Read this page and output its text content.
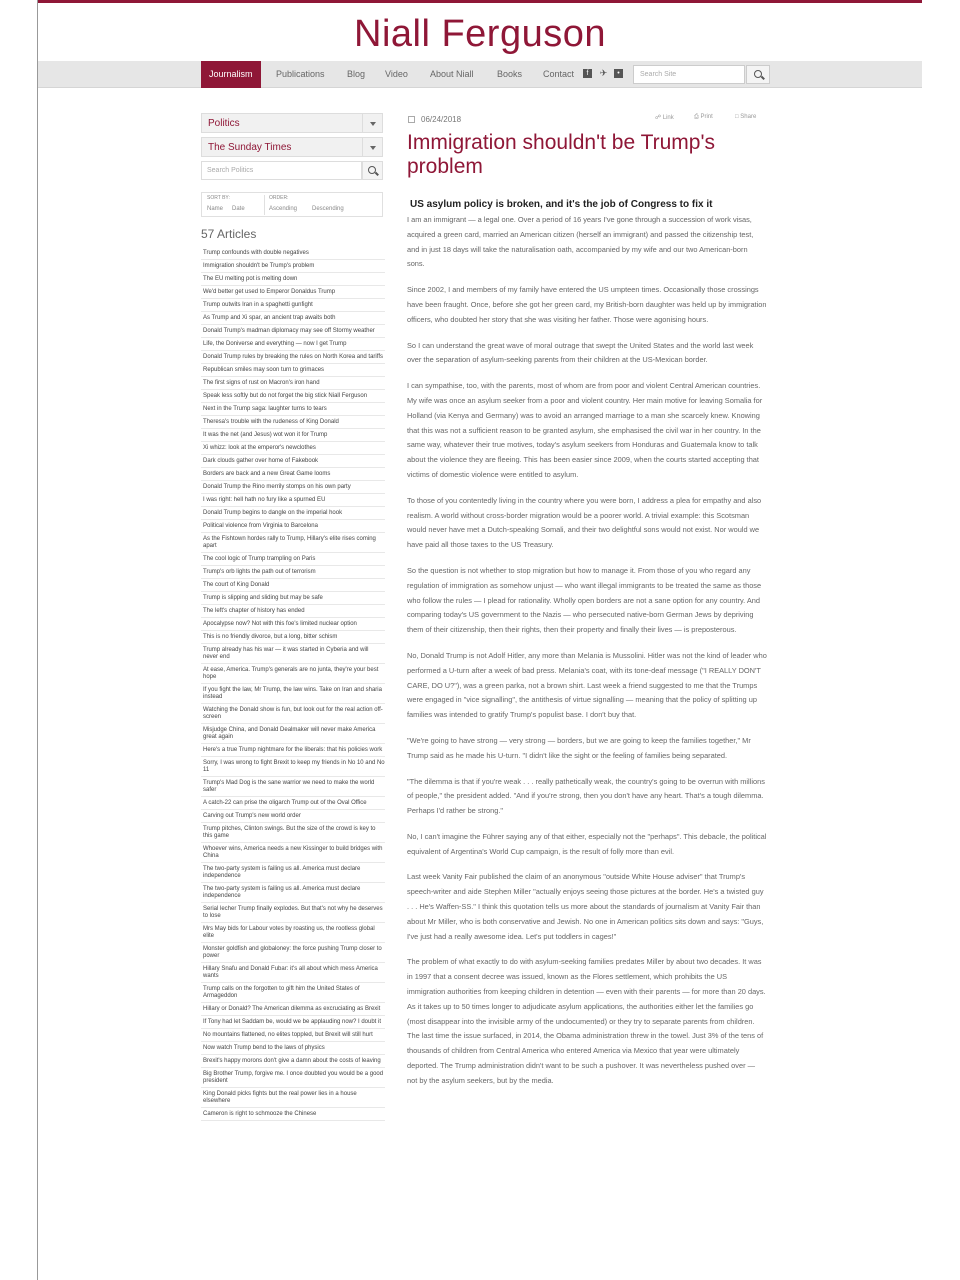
Niall Ferguson
Journalism	Publications Blog Video About Niall	Books Contact	f	✈	•	Search Site
Politics
The Sunday Times
Search Politics
SORT BY:
Name Date
ORDER:
Ascending Descending
57 Articles
Trump confounds with double negatives
Immigration shouldn't be Trump's problem
The EU melting pot is melting down
We'd better get used to Emperor Donaldus Trump
Trump outwits Iran in a spaghetti gunfight
As Trump and Xi spar, an ancient trap awaits both
Donald Trump's madman diplomacy may see off Stormy weather
Life, the Doniverse and everything — now I get Trump
Donald Trump rules by breaking the rules on North Korea and tariffs
Republican smiles may soon turn to grimaces
The first signs of rust on Macron's iron hand
Speak less softly but do not forget the big stick Niall Ferguson
Next in the Trump saga: laughter turns to tears
Theresa's trouble with the rudeness of King Donald
It was the net (and Jesus) wot won it for Trump
Xi whizz: look at the emperor's newclothes
Dark clouds gather over home of Fakebook
Borders are back and a new Great Game looms
Donald Trump the Rino merrily stomps on his own party
I was right: hell hath no fury like a spurned EU
Donald Trump begins to dangle on the imperial hook
Political violence from Virginia to Barcelona
As the Fishtown hordes rally to Trump, Hillary's elite rises coming apart
The cool logic of Trump trampling on Paris
Trump's orb lights the path out of terrorism
The court of King Donald
Trump is slipping and sliding but may be safe
The left's chapter of history has ended
Apocalypse now? Not with this foe's limited nuclear option
This is no friendly divorce, but a long, bitter schism
Trump already has his war — it was started in Cyberia and will never end
At ease, America. Trump's generals are no junta, they're your best hope
If you fight the law, Mr Trump, the law wins. Take on Iran and sharia instead
Watching the Donald show is fun, but look out for the real action off-screen
Misjudge China, and Donald Dealmaker will never make America great again
Here's a true Trump nightmare for the liberals: that his policies work
Sorry, I was wrong to fight Brexit to keep my friends in No 10 and No 11
Trump's Mad Dog is the sane warrior we need to make the world safer
A catch-22 can prise the oligarch Trump out of the Oval Office
Carving out Trump's new world order
Trump pitches, Clinton swings. But the size of the crowd is key to this game
Whoever wins, America needs a new Kissinger to build bridges with China
The two-party system is failing us all. America must declare independence
The two-party system is failing us all. America must declare independence
Serial lecher Trump finally explodes. But that's not why he deserves to lose
Mrs May bids for Labour votes by roasting us, the rootless global elite
Monster goldfish and globaloney: the force pushing Trump closer to power
Hillary Snafu and Donald Fubar: it's all about which mess America wants
Trump calls on the forgotten to gift him the United States of Armageddon
Hillary or Donald? The American dilemma as excruciating as Brexit
If Tony had let Saddam be, would we be applauding now? I doubt it
No mountains flattened, no elites toppled, but Brexit will still hurt
Now watch Trump bend to the laws of physics
Brexit's happy morons don't give a damn about the costs of leaving
Big Brother Trump, forgive me. I once doubted you would be a good president
King Donald picks fights but the real power lies in a house elsewhere
Cameron is right to schmooze the Chinese
06/24/2018	☍ Link	⎙ Print	□ Share
Immigration shouldn't be Trump's problem
US asylum policy is broken, and it's the job of Congress to fix it

I am an immigrant — a legal one. Over a period of 16 years I've gone through a succession of work visas, acquired a green card, married an American citizen (herself an immigrant) and passed the citizenship test, and in just 18 days will take the naturalisation oath, accompanied by my wife and our two American-born sons.

Since 2002, I and members of my family have entered the US umpteen times. Occasionally those crossings have been fraught. Once, before she got her green card, my British-born daughter was held up by immigration officers, who doubted her story that she was visiting her father. Those were agonising hours.

So I can understand the great wave of moral outrage that swept the United States and the world last week over the separation of asylum-seeking parents from their children at the US-Mexican border.

I can sympathise, too, with the parents, most of whom are from poor and violent Central American countries. My wife was once an asylum seeker from a poor and violent country. Her main motive for leaving Somalia for Holland (via Kenya and Germany) was to avoid an arranged marriage to a man she scarcely knew. Knowing that this was not a sufficient reason to be granted asylum, she emphasised the civil war in her country. In the same way, whatever their true motives, today's asylum seekers from Honduras and Guatemala know to talk about the violence they are fleeing. This has been easier since 2009, when the courts started accepting that victims of domestic violence were entitled to asylum.

To those of you contentedly living in the country where you were born, I address a plea for empathy and also realism. A world without cross-border migration would be a poorer world. A trivial example: this Scotsman would never have met a Dutch-speaking Somali, and their two delightful sons would not exist. Nor would we have paid all those taxes to the US Treasury.

So the question is not whether to stop migration but how to manage it. From those of you who regard any regulation of immigration as somehow unjust — who want illegal immigrants to be treated the same as those who follow the rules — I plead for rationality. Wholly open borders are not a sane option for any country. And comparing today's US government to the Nazis — who persecuted native-born German Jews by depriving them of their citizenship, then their rights, then their property and finally their lives — is preposterous.

No, Donald Trump is not Adolf Hitler, any more than Melania is Mussolini. Hitler was not the kind of leader who performed a U-turn after a week of bad press. Melania's coat, with its tone-deaf message ("I REALLY DON'T CARE, DO U?"), was a green parka, not a brown shirt. Last week a friend suggested to me that the Trumps were engaged in "vice signalling", the antithesis of virtue signalling — meaning that the policy of splitting up families was intended to gratify Trump's populist base. I don't buy that.

"We're going to have strong — very strong — borders, but we are going to keep the families together," Mr Trump said as he made his U-turn. "I didn't like the sight or the feeling of families being separated.

"The dilemma is that if you're weak . . . really pathetically weak, the country's going to be overrun with millions of people," the president added. "And if you're strong, then you don't have any heart. That's a tough dilemma. Perhaps I'd rather be strong."

No, I can't imagine the Führer saying any of that either, especially not the "perhaps". This debacle, the political equivalent of Argentina's World Cup campaign, is the result of folly more than evil.

Last week Vanity Fair published the claim of an anonymous "outside White House adviser" that Trump's speech-writer and aide Stephen Miller "actually enjoys seeing those pictures at the border. He's a twisted guy . . . He's Waffen-SS." I think this quotation tells us more about the standards of journalism at Vanity Fair than about Mr Miller, who is both conservative and Jewish. No one in American politics sits down and says: "Guys, I've just had a really awesome idea. Let's put toddlers in cages!"

The problem of what exactly to do with asylum-seeking families predates Miller by about two decades. It was in 1997 that a consent decree was issued, known as the Flores settlement, which prohibits the US immigration authorities from keeping children in detention — even with their parents — for more than 20 days. As it takes up to 50 times longer to adjudicate asylum applications, the authorities either let the families go (most disappear into the invisible army of the undocumented) or they try to separate parents from children. The last time the issue surfaced, in 2014, the Obama administration threw in the towel. Just 3% of the tens of thousands of children from Central America who entered America via Mexico that year were ultimately deported. The Trump administration didn't want to be such a pushover. It was nevertheless pushed over — not by the asylum seekers, but by the media.
